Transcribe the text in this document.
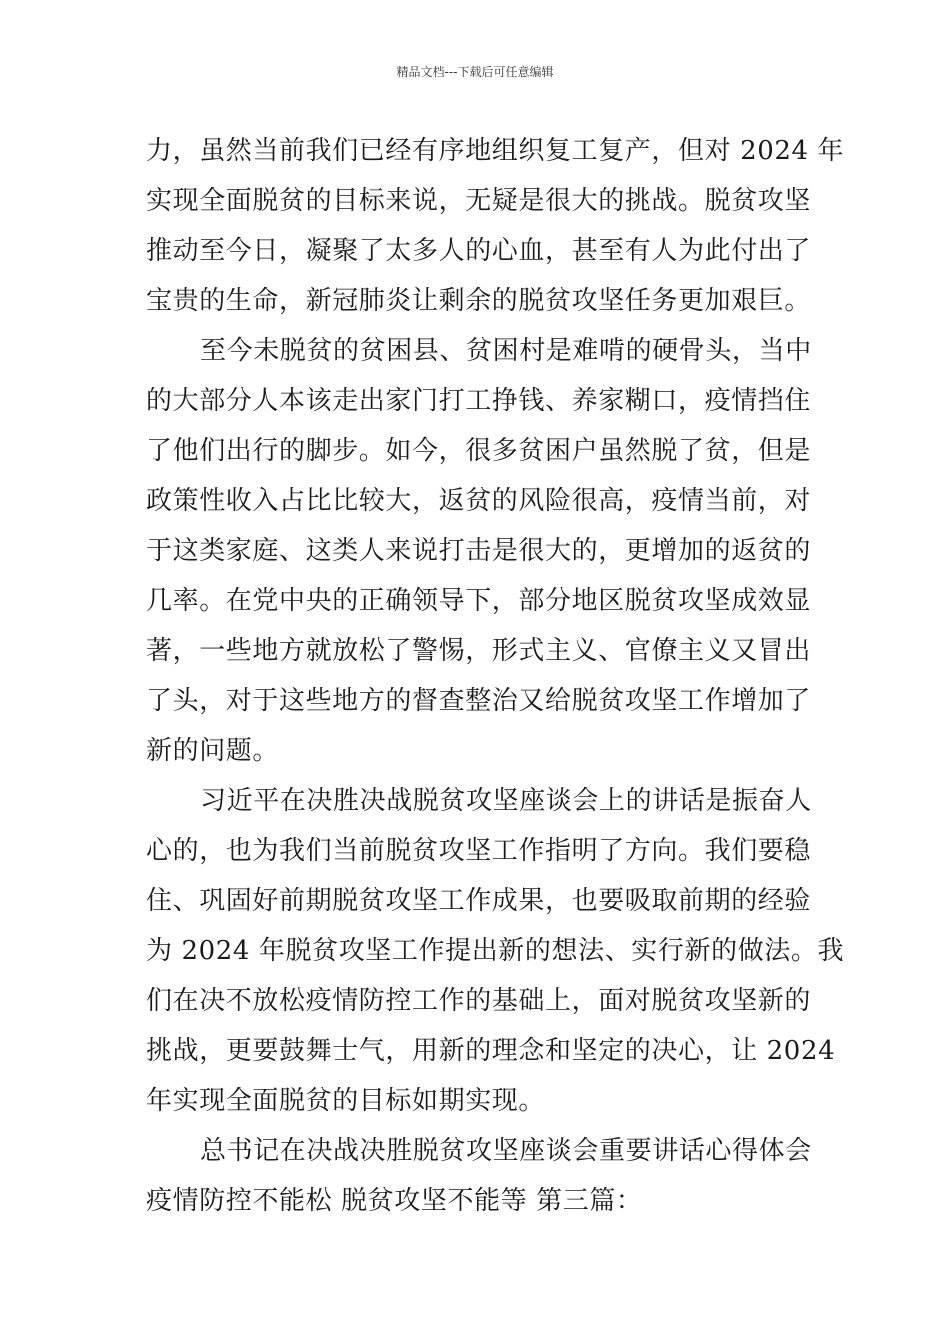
精品文档---下载后可任意编辑
力，虽然当前我们已经有序地组织复工复产，但对 2024 年
实现全面脱贫的目标来说，无疑是很大的挑战。脱贫攻坚
推动至今日，凝聚了太多人的心血，甚至有人为此付出了
宝贵的生命，新冠肺炎让剩余的脱贫攻坚任务更加艰巨。
至今未脱贫的贫困县、贫困村是难啃的硬骨头，当中
的大部分人本该走出家门打工挣钱、养家糊口，疫情挡住
了他们出行的脚步。如今，很多贫困户虽然脱了贫，但是
政策性收入占比比较大，返贫的风险很高，疫情当前，对
于这类家庭、这类人来说打击是很大的，更增加的返贫的
几率。在党中央的正确领导下，部分地区脱贫攻坚成效显
著，一些地方就放松了警惕，形式主义、官僚主义又冒出
了头，对于这些地方的督查整治又给脱贫攻坚工作增加了
新的问题。
习近平在决胜决战脱贫攻坚座谈会上的讲话是振奋人
心的，也为我们当前脱贫攻坚工作指明了方向。我们要稳
住、巩固好前期脱贫攻坚工作成果，也要吸取前期的经验
为 2024 年脱贫攻坚工作提出新的想法、实行新的做法。我
们在决不放松疫情防控工作的基础上，面对脱贫攻坚新的
挑战，更要鼓舞士气，用新的理念和坚定的决心，让 2024
年实现全面脱贫的目标如期实现。
总书记在决战决胜脱贫攻坚座谈会重要讲话心得体会
疫情防控不能松 脱贫攻坚不能等 第三篇：
